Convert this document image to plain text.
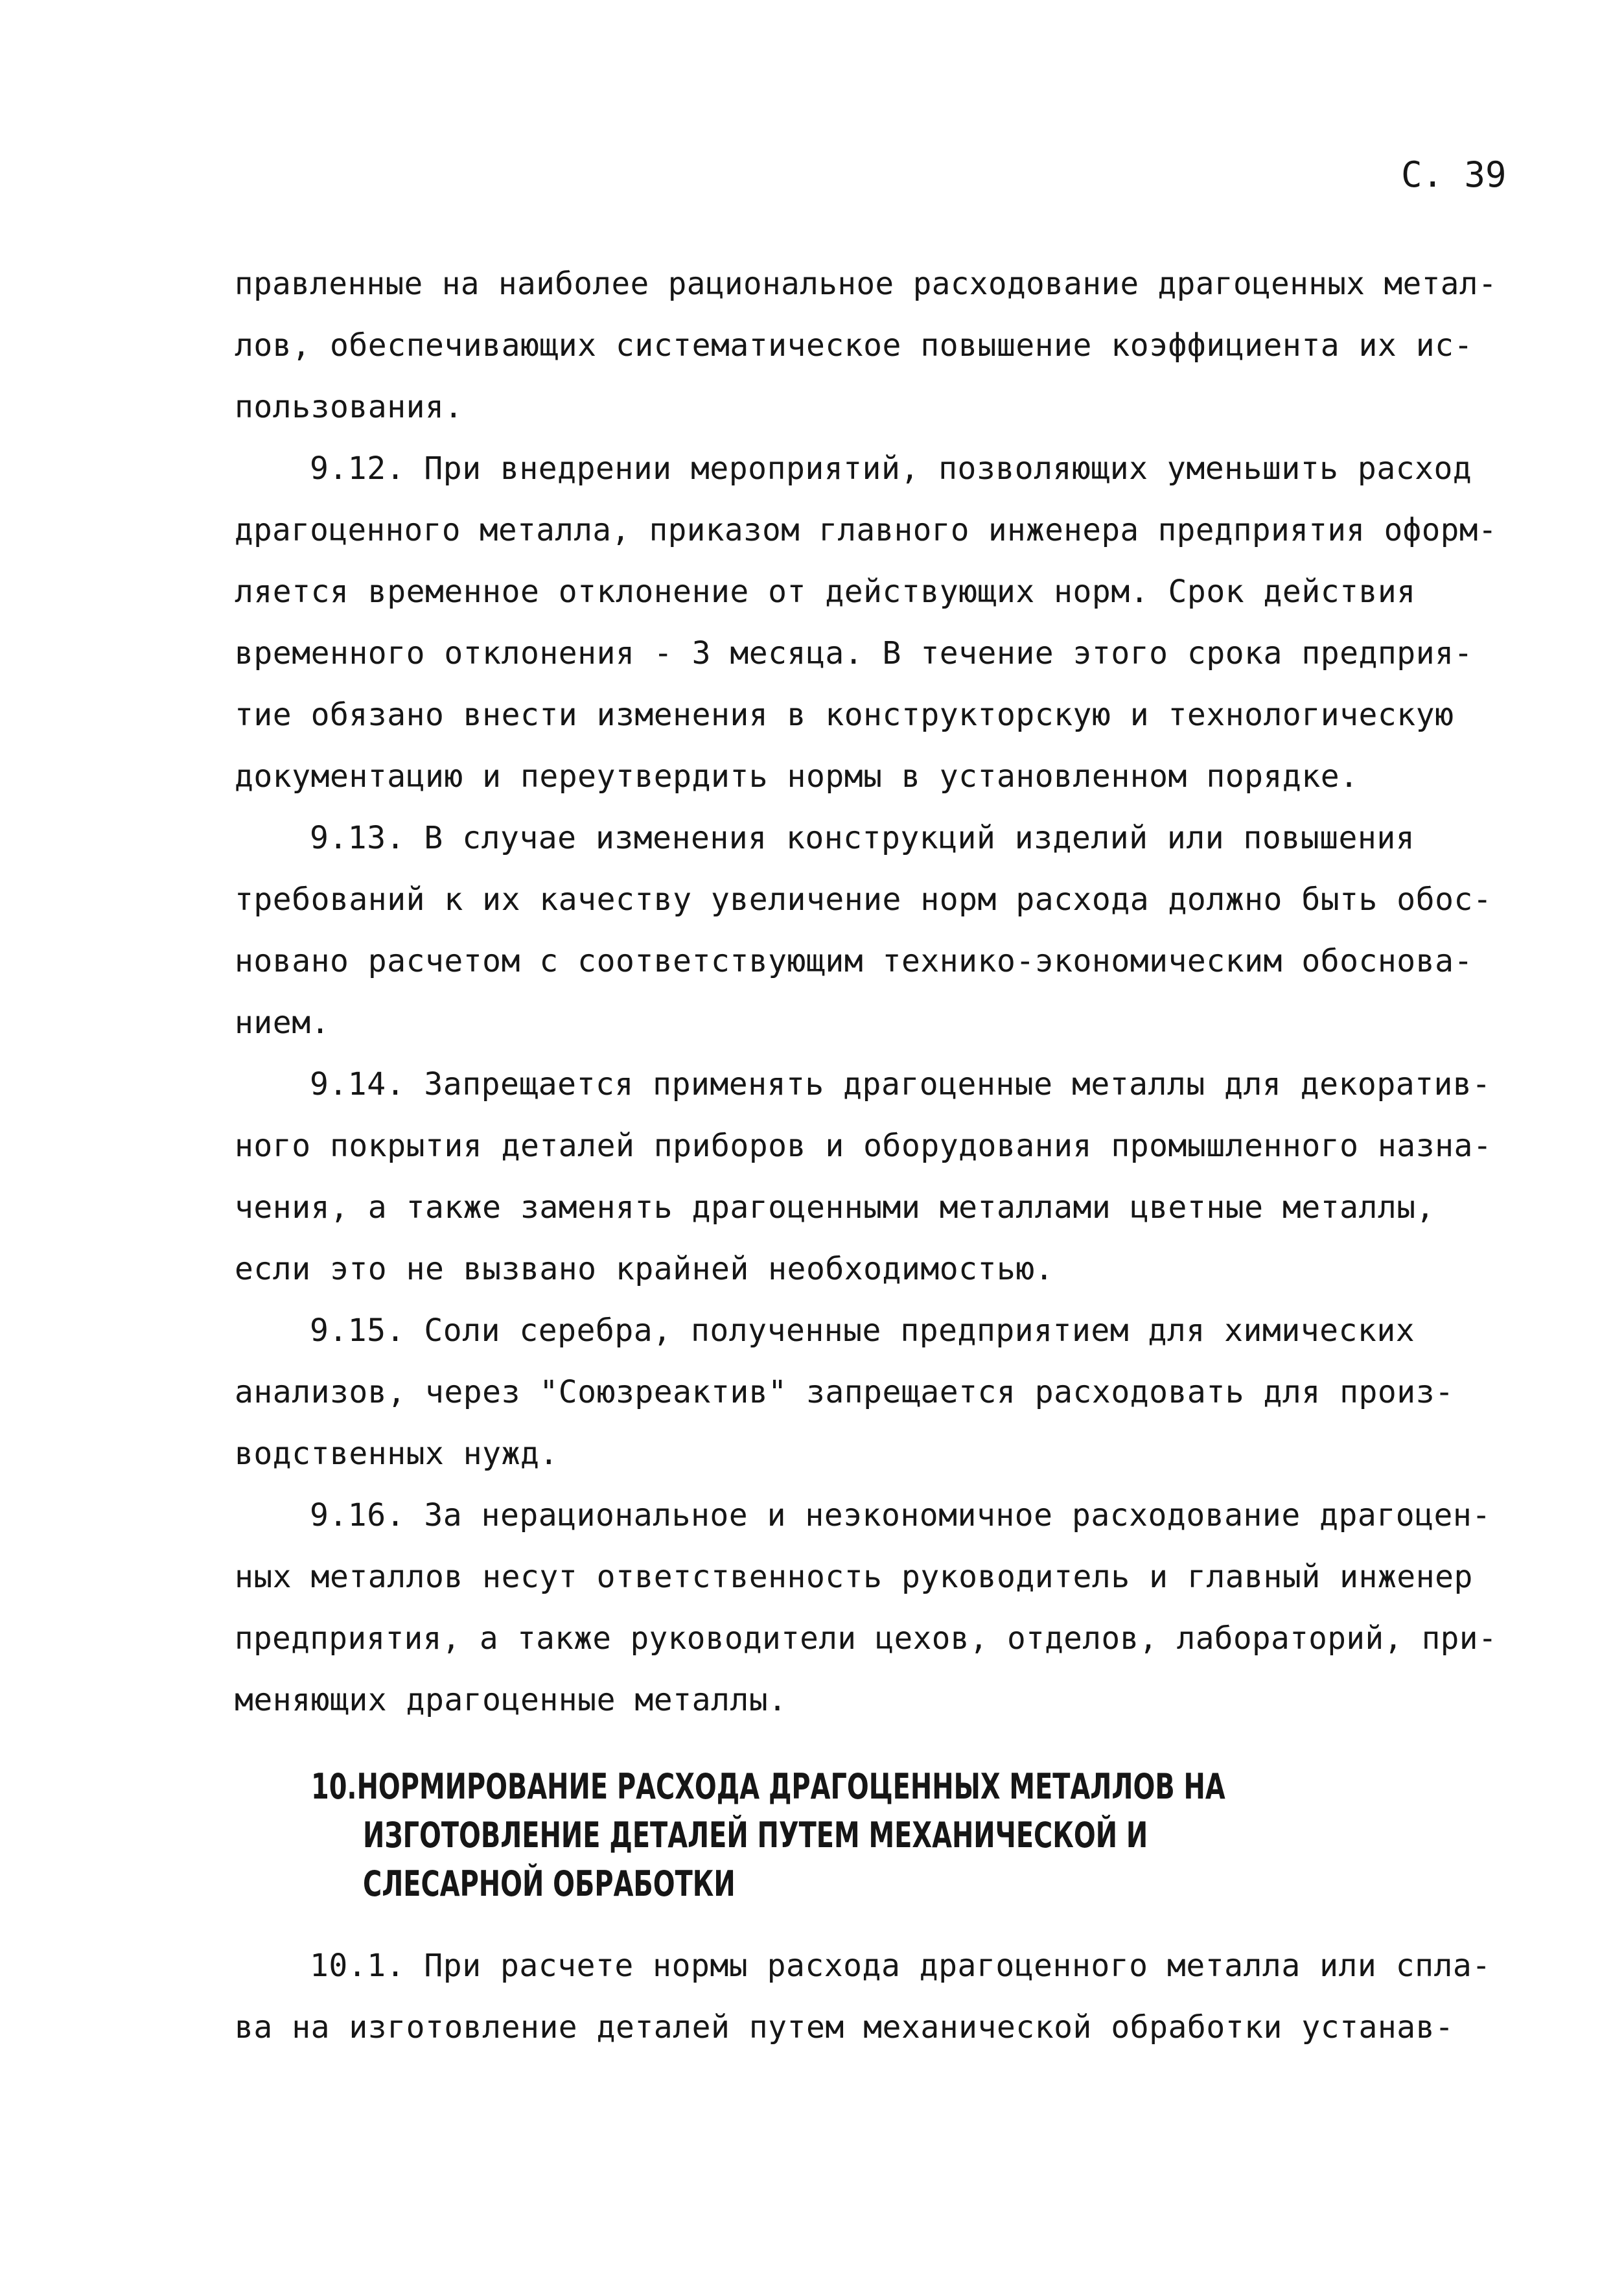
С. 39
правленные на наиболее рациональное расходование драгоценных метал-
лов, обеспечивающих систематическое повышение коэффициента их ис-
пользования.
9.12. При внедрении мероприятий, позволяющих уменьшить расход
драгоценного металла, приказом главного инженера предприятия оформ-
ляется временное отклонение от действующих норм. Срок действия
временного отклонения - 3 месяца. В течение этого срока предприя-
тие обязано внести изменения в конструкторскую и технологическую
документацию и переутвердить нормы в установленном порядке.
9.13. В случае изменения конструкций изделий или повышения
требований к их качеству увеличение норм расхода должно быть обос-
новано расчетом с соответствующим технико-экономическим обоснова-
нием.
9.14. Запрещается применять драгоценные металлы для декоратив-
ного покрытия деталей приборов и оборудования промышленного назна-
чения, а также заменять драгоценными металлами цветные металлы,
если это не вызвано крайней необходимостью.
9.15. Соли серебра, полученные предприятием для химических
анализов, через "Союзреактив" запрещается расходовать для произ-
водственных нужд.
9.16. За нерациональное и неэкономичное расходование драгоцен-
ных металлов несут ответственность руководитель и главный инженер
предприятия, а также руководители цехов, отделов, лабораторий, при-
меняющих драгоценные металлы.
10.НОРМИРОВАНИЕ РАСХОДА ДРАГОЦЕННЫХ МЕТАЛЛОВ НА
ИЗГОТОВЛЕНИЕ ДЕТАЛЕЙ ПУТЕМ МЕХАНИЧЕСКОЙ И
СЛЕСАРНОЙ ОБРАБОТКИ
10.1. При расчете нормы расхода драгоценного металла или спла-
ва на изготовление деталей путем механической обработки устанав-
